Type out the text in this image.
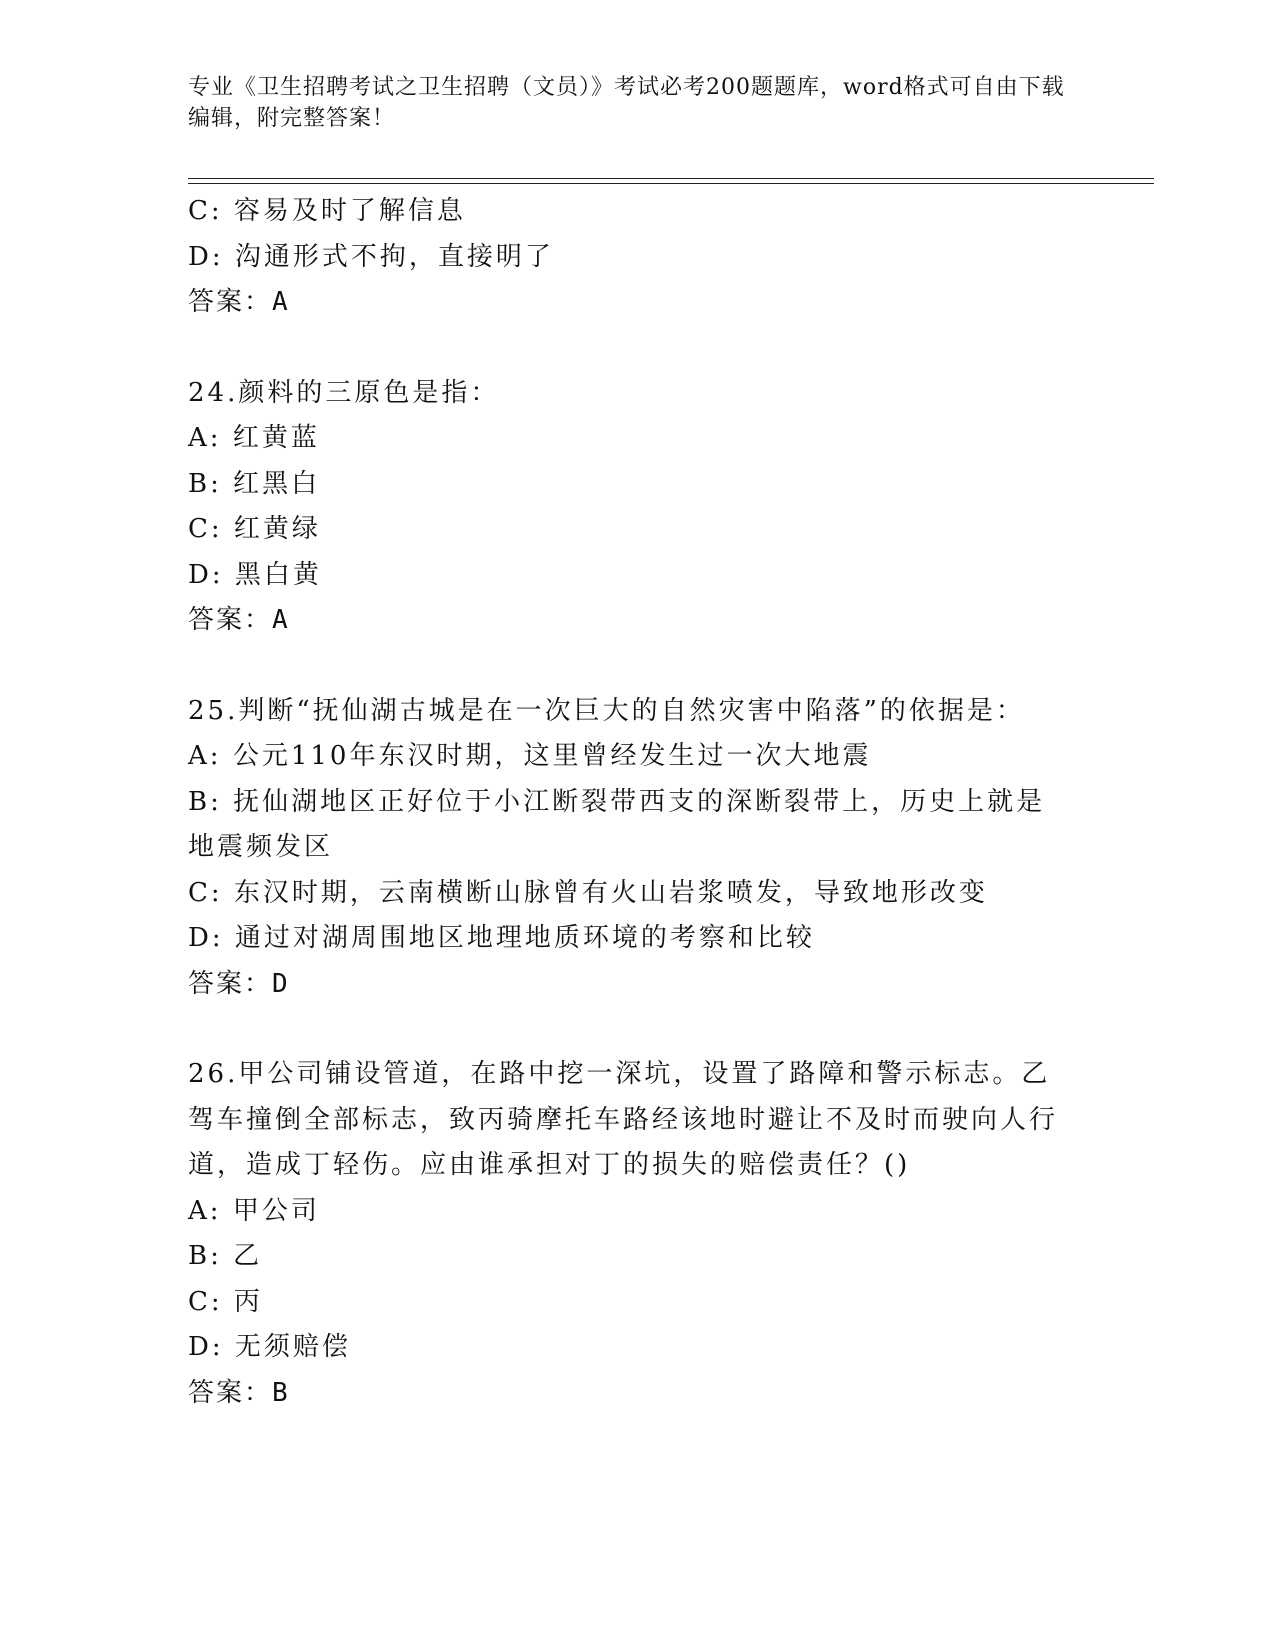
专业《卫生招聘考试之卫生招聘（文员）》考试必考200题题库，word格式可自由下载编辑，附完整答案！
C: 容易及时了解信息
D: 沟通形式不拘，直接明了
答案：A
24.颜料的三原色是指：
A: 红黄蓝
B: 红黑白
C: 红黄绿
D: 黑白黄
答案：A
25.判断“抚仙湖古城是在一次巨大的自然灾害中陷落”的依据是：
A: 公元110年东汉时期，这里曾经发生过一次大地震
B: 抚仙湖地区正好位于小江断裂带西支的深断裂带上，历史上就是地震频发区
C: 东汉时期，云南横断山脉曾有火山岩浆喷发，导致地形改变
D: 通过对湖周围地区地理地质环境的考察和比较
答案：D
26.甲公司铺设管道，在路中挖一深坑，设置了路障和警示标志。乙驾车撞倒全部标志，致丙骑摩托车路经该地时避让不及时而驶向人行道，造成丁轻伤。应由谁承担对丁的损失的赔偿责任？()
A: 甲公司
B: 乙
C: 丙
D: 无须赔偿
答案：B
